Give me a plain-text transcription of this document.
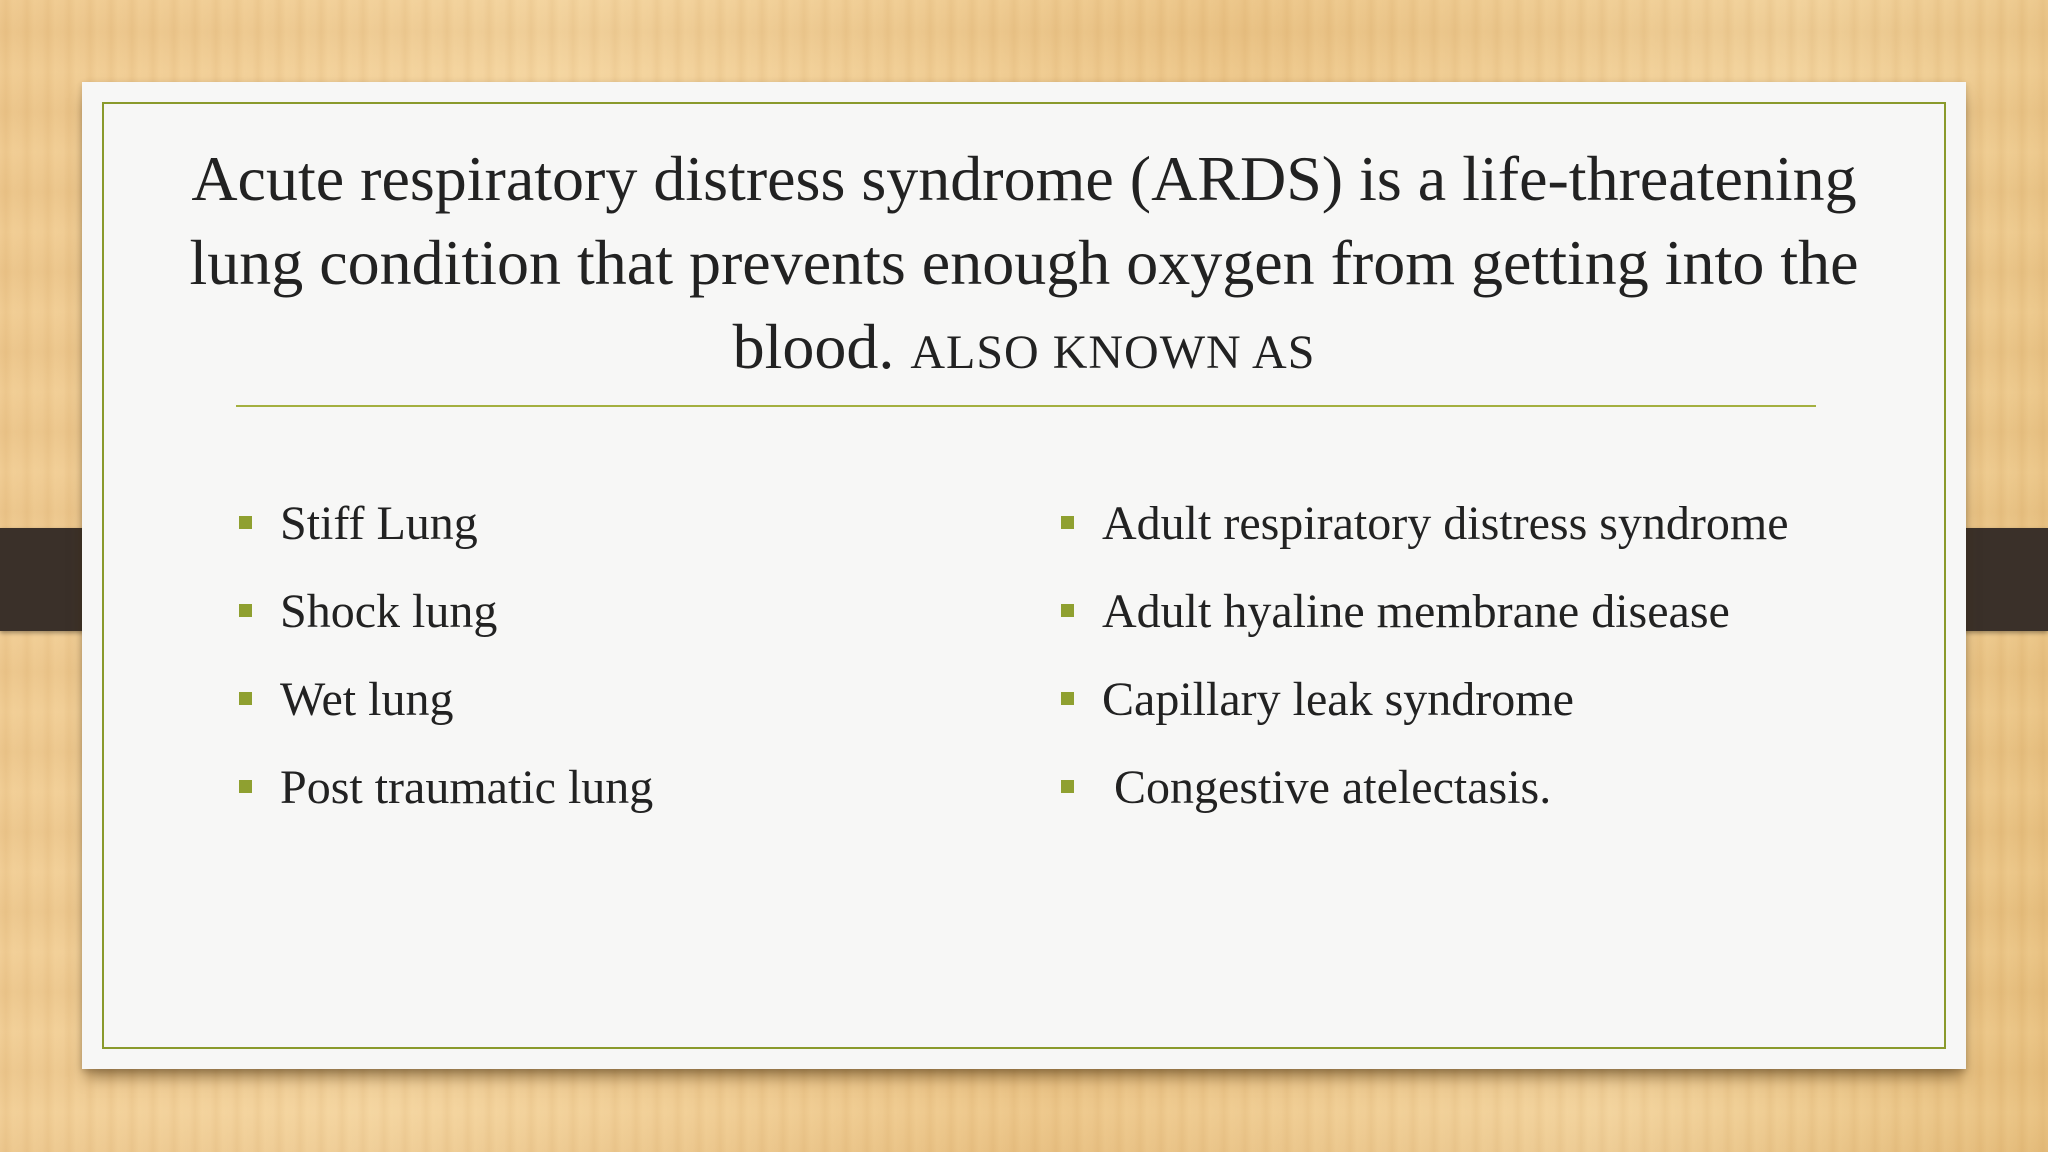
Acute respiratory distress syndrome (ARDS) is a life-threatening lung condition that prevents enough oxygen from getting into the blood. ALSO KNOWN AS
Stiff Lung
Shock lung
Wet lung
Post traumatic lung
Adult respiratory distress syndrome
Adult hyaline membrane disease
Capillary leak syndrome
Congestive atelectasis.
